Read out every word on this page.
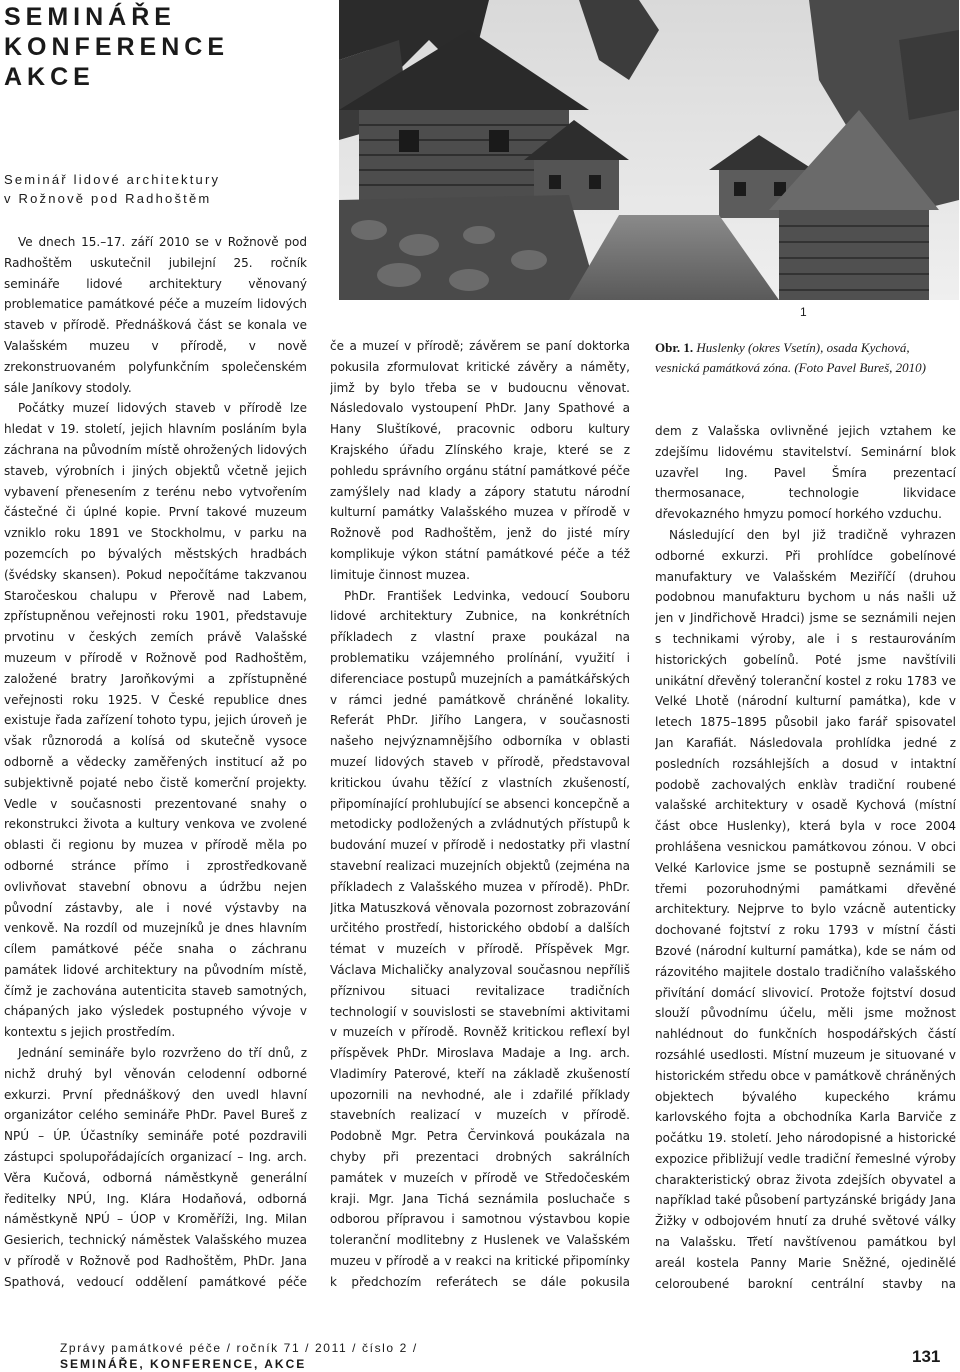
SEMINÁŘE
KONFERENCE
AKCE
Seminář lidové architektury
v Rožnově pod Radhoštěm
1
Obr. 1. Huslenky (okres Vsetín), osada Kychová, vesnická památková zóna. (Foto Pavel Bureš, 2010)

Ve dnech 15.–17. září 2010 se v Rožnově pod Radhoštěm uskutečnil jubilejní 25. ročník semináře lidové architektury věnovaný problematice památkové péče a muzeím lidových staveb v přírodě. Přednášková část se konala ve Valašském muzeu v přírodě, v nově zrekonstruovaném polyfunkčním společenském sále Janíkovy stodoly.

Počátky muzeí lidových staveb v přírodě lze hledat v 19. století, jejich hlavním posláním byla záchrana na původním místě ohrožených lidových staveb, výrobních i jiných objektů včetně jejich vybavení přenesením z terénu nebo vytvořením částečné či úplné kopie. První takové muzeum vzniklo roku 1891 ve Stockholmu, v parku na pozemcích po bývalých městských hradbách (švédsky skansen). Pokud nepočítáme takzvanou Staročeskou chalupu v Přerově nad Labem, zpřístupněnou veřejnosti roku 1901, představuje prvotinu v českých zemích právě Valašské muzeum v přírodě v Rožnově pod Radhoštěm, založené bratry Jaroňkovými a zpřístupněné veřejnosti roku 1925. V České republice dnes existuje řada zařízení tohoto typu, jejich úroveň je však různorodá a kolísá od skutečně vysoce odborně a vědecky zaměřených institucí až po subjektivně pojaté nebo čistě komerční projekty. Vedle v současnosti prezentované snahy o rekonstrukci života a kultury venkova ve zvolené oblasti či regionu by muzea v přírodě měla po odborné stránce přímo i zprostředkovaně ovlivňovat stavební obnovu a údržbu nejen původní zástavby, ale i nové výstavby na venkově. Na rozdíl od muzejníků je dnes hlavním cílem památkové péče snaha o záchranu památek lidové architektury na původním místě, čímž je zachována autenticita staveb samotných, chápaných jako výsledek postupného vývoje v kontextu s jejich prostředím.

Jednání semináře bylo rozvrženo do tří dnů, z nichž druhý byl věnován celodenní odborné exkurzi. První přednáškový den uvedl hlavní organizátor celého semináře PhDr. Pavel Bureš z NPÚ – ÚP. Účastníky semináře poté pozdravili zástupci spolupořádajících organizací – Ing. arch. Věra Kučová, odborná náměstkyně generální ředitelky NPÚ, Ing. Klára Hodaňová, odborná náměstkyně NPÚ – ÚOP v Kroměříži, Ing. Milan Gesierich, technický náměstek Valašského muzea v přírodě v Rožnově pod Radhoštěm, PhDr. Jana Spathová, vedoucí oddělení památkové péče

če a muzeí v přírodě; závěrem se paní doktorka pokusila zformulovat kritické závěry a náměty, jimž by bylo třeba se v budoucnu věnovat. Následovalo vystoupení PhDr. Jany Spathové a Hany Sluštíkové, pracovnic odboru kultury Krajského úřadu Zlínského kraje, které se z pohledu správního orgánu státní památkové péče zamýšlely nad klady a zápory statutu národní kulturní památky Valašského muzea v přírodě v Rožnově pod Radhoštěm, jenž do jisté míry komplikuje výkon státní památkové péče a též limituje činnost muzea.

PhDr. František Ledvinka, vedoucí Souboru lidové architektury Zubnice, na konkrétních příkladech z vlastní praxe poukázal na problematiku vzájemného prolínání, využití i diferenciace postupů muzejních a památkářských v rámci jedné památkově chráněné lokality. Referát PhDr. Jiřího Langera, v současnosti našeho nejvýznamnějšího odborníka v oblasti muzeí lidových staveb v přírodě, představoval kritickou úvahu těžící z vlastních zkušeností, připomínající prohlubující se absenci koncepčně a metodicky podložených a zvládnutých přístupů k budování muzeí v přírodě i nedostatky při vlastní stavební realizaci muzejních objektů (zejména na příkladech z Valašského muzea v přírodě). PhDr. Jitka Matuszková věnovala pozornost zobrazování určitého prostředí, historického období a dalších témat v muzeích v přírodě. Příspěvek Mgr. Václava Michaličky analyzoval současnou nepříliš příznivou situaci revitalizace tradičních technologií v souvislosti se stavebními aktivitami v muzeích v přírodě. Rovněž kritickou reflexí byl příspěvek PhDr. Miroslava Madaje a Ing. arch. Vladimíry Paterové, kteří na základě zkušeností upozornili na nevhodné, ale i zdařilé příklady stavebních realizací v muzeích v přírodě. Podobně Mgr. Petra Červinková poukázala na chyby při prezentaci drobných sakrálních památek v muzeích v přírodě ve Středočeském kraji. Mgr. Jana Tichá seznámila posluchače s odborou přípravou i samotnou výstavbou kopie toleranční modlitebny z Huslenek ve Valašském muzeu v přírodě a v reakci na kritické připomínky k předchozím referátech se dále pokusila

dem z Valašska ovlivněné jejich vztahem ke zdejšímu lidovému stavitelství. Seminární blok uzavřel Ing. Pavel Šmíra prezentací thermosanace, technologie likvidace dřevokazného hmyzu pomocí horkého vzduchu.

Následující den byl již tradičně vyhrazen odborné exkurzi. Při prohlídce gobelínové manufaktury ve Valašském Meziříčí (druhou podobnou manufakturu bychom u nás našli už jen v Jindřichově Hradci) jsme se seznámili nejen s technikami výroby, ale i s restaurováním historických gobelínů. Poté jsme navštívili unikátní dřevěný toleranční kostel z roku 1783 ve Velké Lhotě (národní kulturní památka), kde v letech 1875–1895 působil jako farář spisovatel Jan Karafiát. Následovala prohlídka jedné z posledních rozsáhlejších a dosud v intaktní podobě zachovalých enklàv tradiční roubené valašské architektury v osadě Kychová (místní část obce Huslenky), která byla v roce 2004 prohlášena vesnickou památkovou zónou. V obci Velké Karlovice jsme se postupně seznámili se třemi pozoruhodnými památkami dřevěné architektury. Nejprve to bylo vzácně autenticky dochované fojtství z roku 1793 v místní části Bzové (národní kulturní památka), kde se nám od rázovitého majitele dostalo tradičního valašského přivítání domácí slivovicí. Protože fojtství dosud slouží původnímu účelu, měli jsme možnost nahlédnout do funkčních hospodářských částí rozsáhlé usedlosti. Místní muzeum je situované v historickém středu obce v památkově chráněných objektech bývalého kupeckého krámu karlovského fojta a obchodníka Karla Barviče z počátku 19. století. Jeho národopisné a historické expozice přibližují vedle tradiční řemeslné výroby charakteristický obraz života zdejších obyvatel a například také působení partyzánské brigády Jana Žižky v odbojovém hnutí za druhé světové války na Valašsku. Třetí navštívenou památkou byl areál kostela Panny Marie Sněžné, ojedinělé celoroubené barokní centrální stavby na

Zprávy památkové péče / ročník 71 / 2011 / číslo 2 /
SEMINÁŘE, KONFERENCE, AKCE	131
